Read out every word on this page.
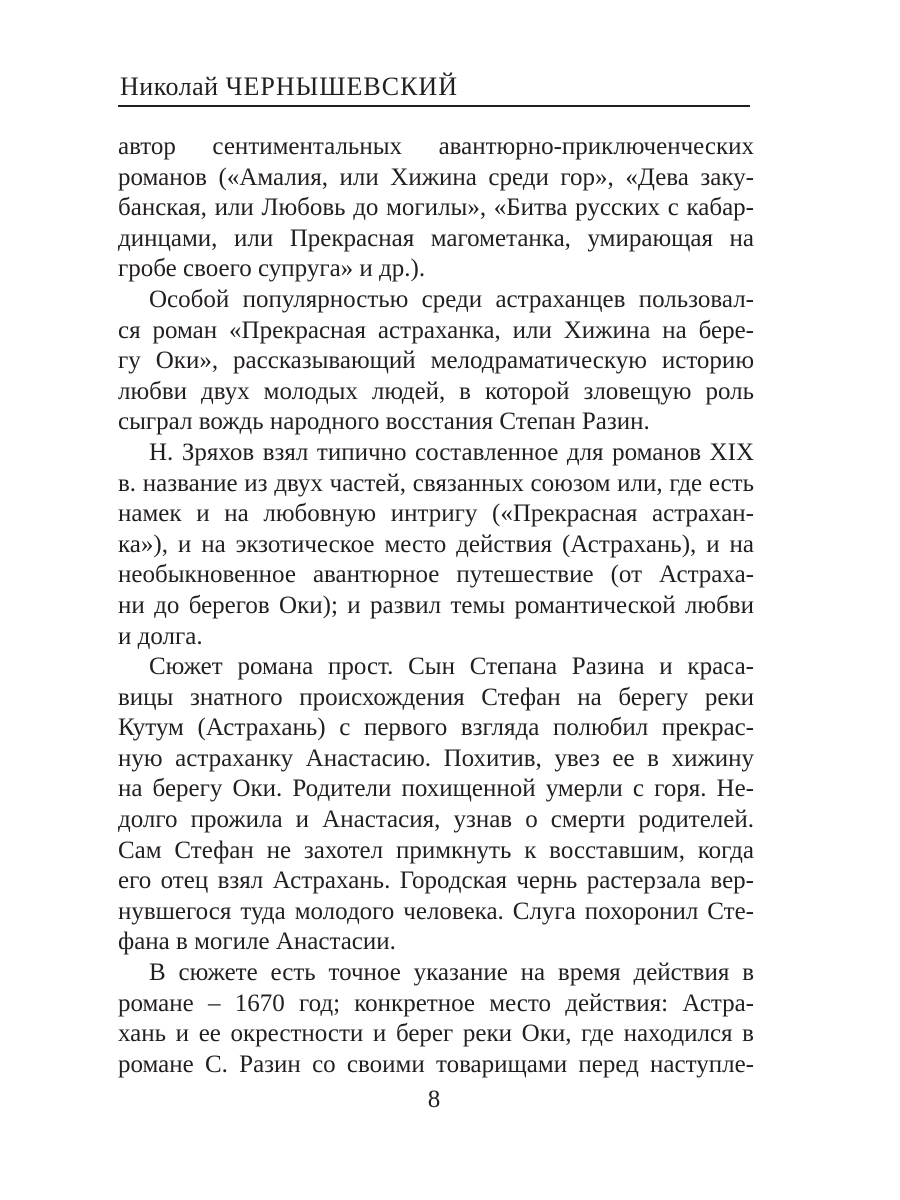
Николай ЧЕРНЫШЕВСКИЙ
автор сентиментальных авантюрно-приключенческих
романов («Амалия, или Хижина среди гор», «Дева заку-
банская, или Любовь до могилы», «Битва русских с кабар-
динцами, или Прекрасная магометанка, умирающая на
гробе своего супруга» и др.).
Особой популярностью среди астраханцев пользовал-
ся роман «Прекрасная астраханка, или Хижина на бере-
гу Оки», рассказывающий мелодраматическую историю
любви двух молодых людей, в которой зловещую роль
сыграл вождь народного восстания Степан Разин.
Н. Зряхов взял типично составленное для романов XIX
в. название из двух частей, связанных союзом или, где есть
намек и на любовную интригу («Прекрасная астрахан-
ка»), и на экзотическое место действия (Астрахань), и на
необыкновенное авантюрное путешествие (от Астраха-
ни до берегов Оки); и развил темы романтической любви
и долга.
Сюжет романа прост. Сын Степана Разина и краса-
вицы знатного происхождения Стефан на берегу реки
Кутум (Астрахань) с первого взгляда полюбил прекрас-
ную астраханку Анастасию. Похитив, увез ее в хижину
на берегу Оки. Родители похищенной умерли с горя. Не-
долго прожила и Анастасия, узнав о смерти родителей.
Сам Стефан не захотел примкнуть к восставшим, когда
его отец взял Астрахань. Городская чернь растерзала вер-
нувшегося туда молодого человека. Слуга похоронил Сте-
фана в могиле Анастасии.
В сюжете есть точное указание на время действия в
романе – 1670 год; конкретное место действия: Астра-
хань и ее окрестности и берег реки Оки, где находился в
романе С. Разин со своими товарищами перед наступле-
8
